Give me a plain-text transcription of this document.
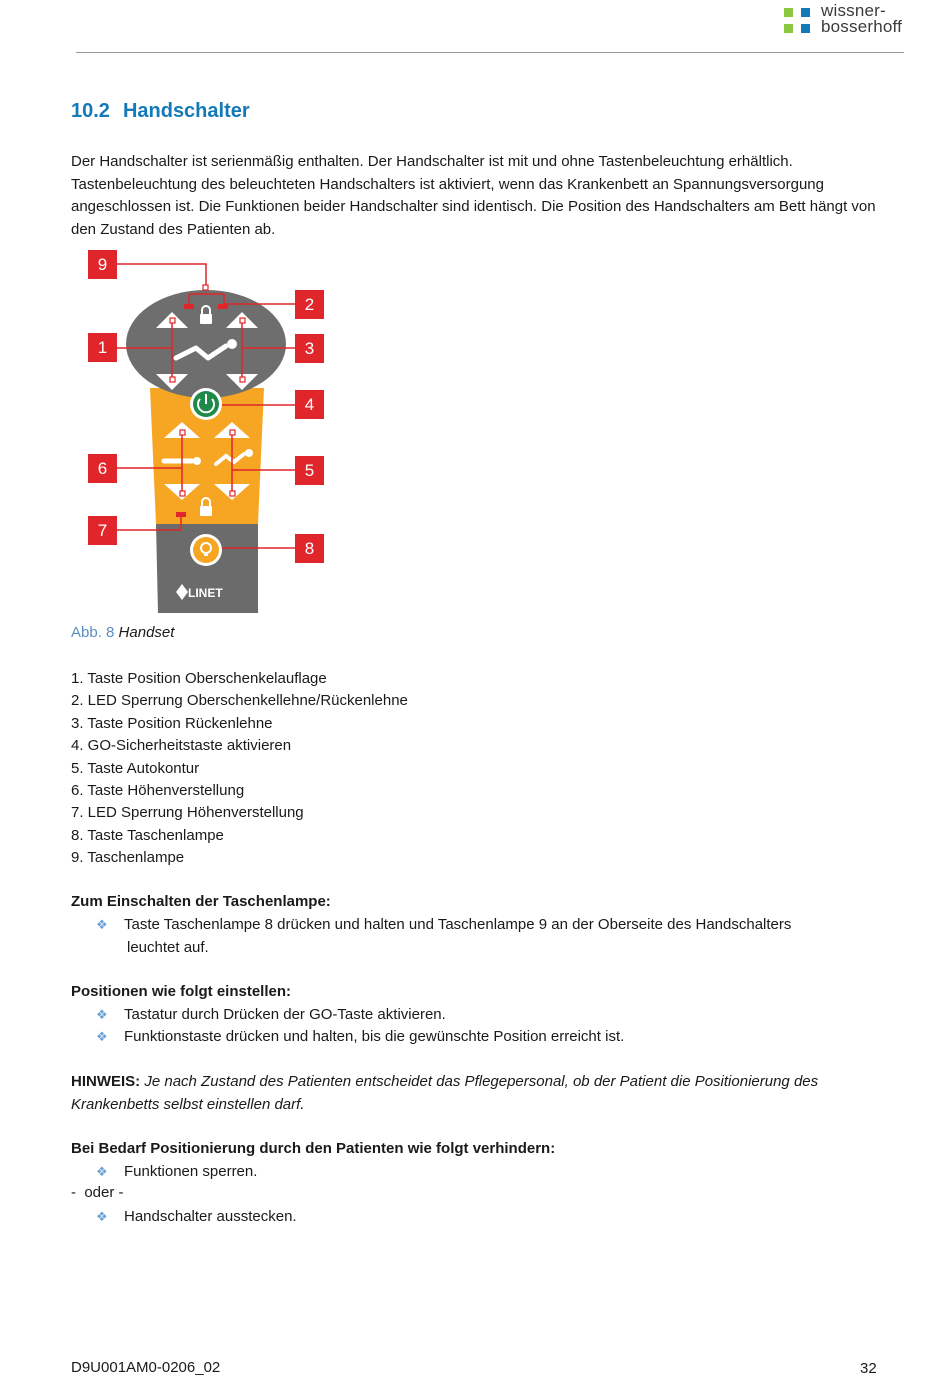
wissner-
bosserhoff
10.2 Handschalter
Der Handschalter ist serienmäßig enthalten. Der Handschalter ist mit und ohne Tastenbeleuchtung erhältlich. Tastenbeleuchtung des beleuchteten Handschalters ist aktiviert, wenn das Krankenbett an Spannungsversorgung angeschlossen ist. Die Funktionen beider Handschalter sind identisch. Die Position des Handschalters am Bett hängt von den Zustand des Patienten ab.
LINET
9
2
1	3
4
6	5
7
8
Abb. 8 Handset
1. Taste Position Oberschenkelauflage
2. LED Sperrung Oberschenkellehne/Rückenlehne
3. Taste Position Rückenlehne
4. GO-Sicherheitstaste aktivieren
5. Taste Autokontur
6. Taste Höhenverstellung
7. LED Sperrung Höhenverstellung
8. Taste Taschenlampe
9. Taschenlampe
Zum Einschalten der Taschenlampe:
❖ Taste Taschenlampe 8 drücken und halten und Taschenlampe 9 an der Oberseite des Handschalters
leuchtet auf.
Positionen wie folgt einstellen:
❖ Tastatur durch Drücken der GO-Taste aktivieren.
❖ Funktionstaste drücken und halten, bis die gewünschte Position erreicht ist.
HINWEIS: Je nach Zustand des Patienten entscheidet das Pflegepersonal, ob der Patient die Positionierung des Krankenbetts selbst einstellen darf.
Bei Bedarf Positionierung durch den Patienten wie folgt verhindern:
❖ Funktionen sperren.
-  oder -
❖ Handschalter ausstecken.
D9U001AM0-0206_02	32
